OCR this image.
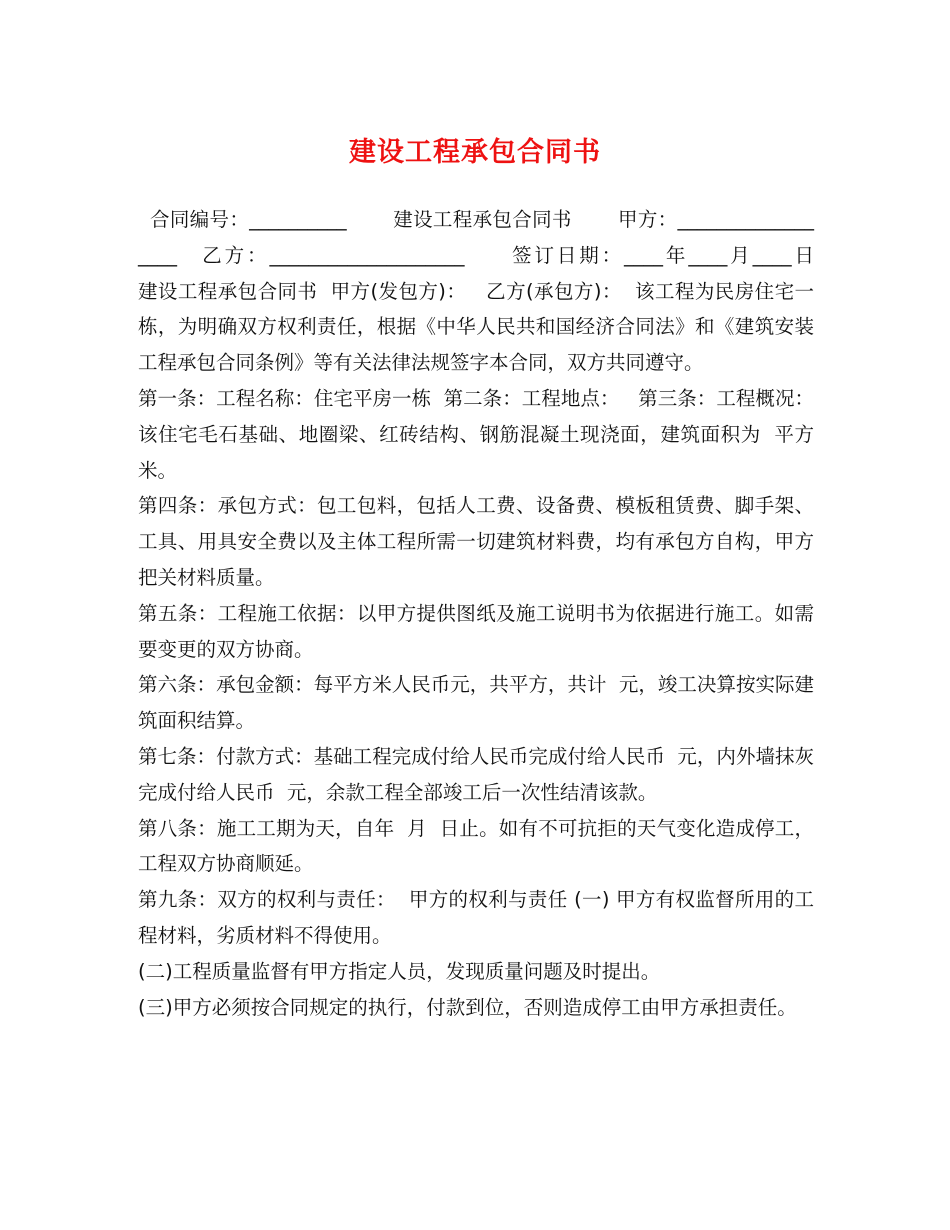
建设工程承包合同书

合同编号：__________　　 建设工程承包合同书　　 甲方：__________________　乙方：____________________　　签订日期：____年____月____日　　　　　建设工程承包合同书  甲方(发包方)：   乙方(承包方)：  该工程为民房住宅一栋，为明确双方权利责任，根据《中华人民共和国经济合同法》和《建筑安装工程承包合同条例》等有关法律法规签字本合同，双方共同遵守。

第一条：工程名称：住宅平房一栋  第二条：工程地点：   第三条：工程概况：该住宅毛石基础、地圈梁、红砖结构、钢筋混凝土现浇面，建筑面积为  平方米。

第四条：承包方式：包工包料，包括人工费、设备费、模板租赁费、脚手架、工具、用具安全费以及主体工程所需一切建筑材料费，均有承包方自构，甲方把关材料质量。

第五条：工程施工依据：以甲方提供图纸及施工说明书为依据进行施工。如需要变更的双方协商。

第六条：承包金额：每平方米人民币元，共平方，共计  元，竣工决算按实际建筑面积结算。

第七条：付款方式：基础工程完成付给人民币完成付给人民币  元，内外墙抹灰完成付给人民币  元，余款工程全部竣工后一次性结清该款。

第八条：施工工期为天，自年  月  日止。如有不可抗拒的天气变化造成停工，工程双方协商顺延。

第九条：双方的权利与责任：  甲方的权利与责任 (一) 甲方有权监督所用的工程材料，劣质材料不得使用。

(二)工程质量监督有甲方指定人员，发现质量问题及时提出。

(三)甲方必须按合同规定的执行，付款到位，否则造成停工由甲方承担责任。
